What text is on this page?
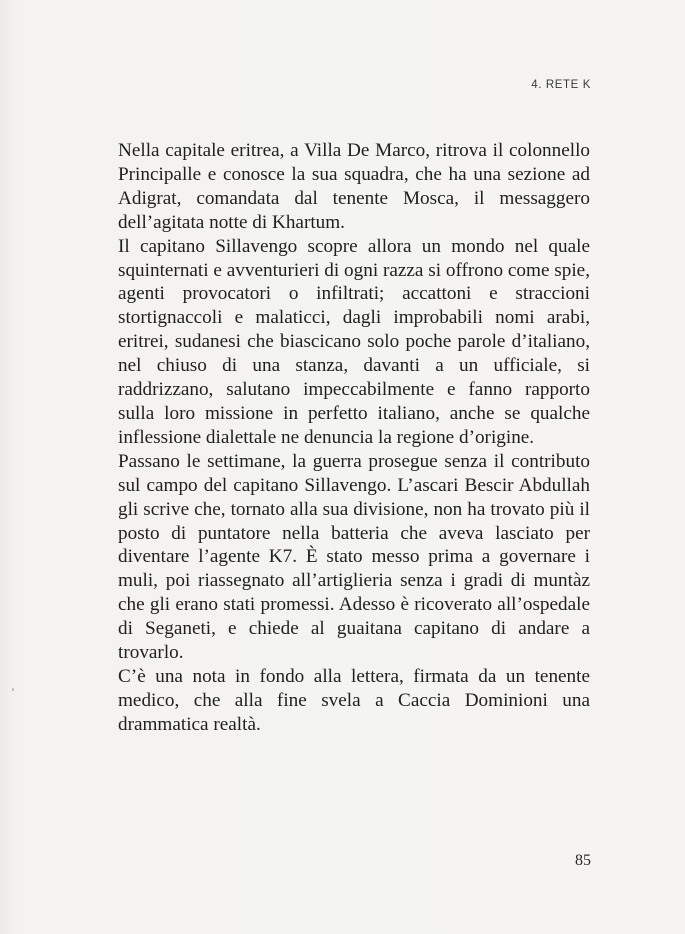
4. RETE K

Nella capitale eritrea, a Villa De Marco, ritrova il colonnello Principalle e conosce la sua squadra, che ha una sezione ad Adigrat, comandata dal tenente Mosca, il messaggero dell’agitata notte di Khartum.

Il capitano Sillavengo scopre allora un mondo nel quale squinternati e avventurieri di ogni razza si offrono come spie, agenti provocatori o infiltrati; accattoni e straccioni stortignaccoli e malaticci, dagli improbabili nomi arabi, eritrei, sudanesi che biascicano solo poche parole d’italiano, nel chiuso di una stanza, davanti a un ufficiale, si raddrizzano, salutano impeccabilmente e fanno rapporto sulla loro missione in perfetto italiano, anche se qualche inflessione dialettale ne denuncia la regione d’origine.

Passano le settimane, la guerra prosegue senza il contributo sul campo del capitano Sillavengo. L’ascari Bescir Abdullah gli scrive che, tornato alla sua divisione, non ha trovato più il posto di puntatore nella batteria che aveva lasciato per diventare l’agente K7. È stato messo prima a governare i muli, poi riassegnato all’artiglieria senza i gradi di muntàz che gli erano stati promessi. Adesso è ricoverato all’ospedale di Seganeti, e chiede al guaitana capitano di andare a trovarlo.

C’è una nota in fondo alla lettera, firmata da un tenente medico, che alla fine svela a Caccia Dominioni una drammatica realtà.

85
